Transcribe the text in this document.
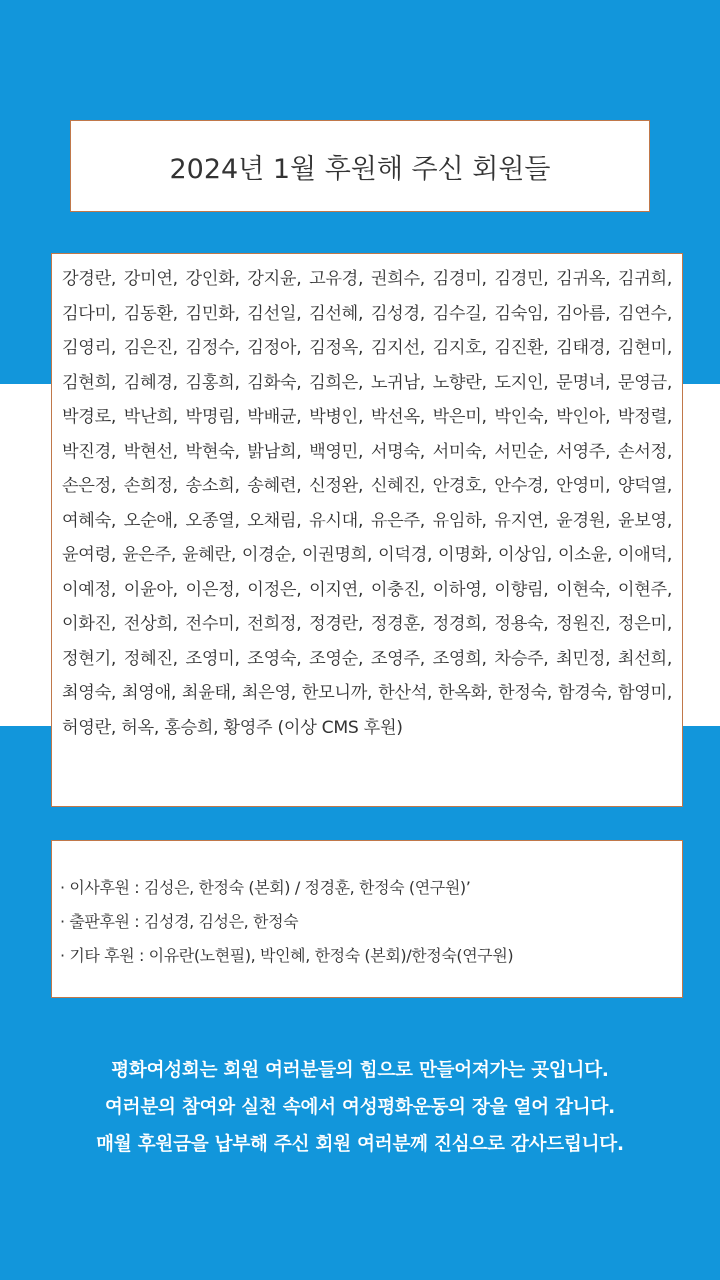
2024년 1월 후원해 주신 회원들
강경란, 강미연, 강인화, 강지윤, 고유경, 권희수, 김경미, 김경민, 김귀옥, 김귀희, 김다미, 김동환, 김민화, 김선일, 김선혜, 김성경, 김수길, 김숙임, 김아름, 김연수, 김영리, 김은진, 김정수, 김정아, 김정옥, 김지선, 김지호, 김진환, 김태경, 김현미, 김현희, 김혜경, 김홍희, 김화숙, 김희은, 노귀남, 노향란, 도지인, 문명녀, 문영금, 박경로, 박난희, 박명림, 박배균, 박병인, 박선옥, 박은미, 박인숙, 박인아, 박정렬, 박진경, 박현선, 박현숙, 밝남희, 백영민, 서명숙, 서미숙, 서민순, 서영주, 손서정, 손은정, 손희정, 송소희, 송혜련, 신정완, 신혜진, 안경호, 안수경, 안영미, 양덕열, 여혜숙, 오순애, 오종열, 오채림, 유시대, 유은주, 유임하, 유지연, 윤경원, 윤보영, 윤여령, 윤은주, 윤혜란, 이경순, 이권명희, 이덕경, 이명화, 이상임, 이소윤, 이애덕, 이예정, 이윤아, 이은정, 이정은, 이지연, 이충진, 이하영, 이향림, 이현숙, 이현주, 이화진, 전상희, 전수미, 전희정, 정경란, 정경훈, 정경희, 정용숙, 정원진, 정은미, 정현기, 정혜진, 조영미, 조영숙, 조영순, 조영주, 조영희, 차승주, 최민정, 최선희, 최영숙, 최영애, 최윤태, 최은영, 한모니까, 한산석, 한옥화, 한정숙, 함경숙, 함영미, 허영란, 허옥, 홍승희, 황영주 (이상 CMS 후원)
· 이사후원 : 김성은, 한정숙 (본회) / 정경훈, 한정숙 (연구원)’
· 출판후원 : 김성경, 김성은, 한정숙
· 기타 후원 : 이유란(노현필), 박인혜, 한정숙 (본회)/한정숙(연구원)
평화여성회는 회원 여러분들의 힘으로 만들어져가는 곳입니다.
여러분의 참여와 실천 속에서 여성평화운동의 장을 열어 갑니다.
매월 후원금을 납부해 주신 회원 여러분께 진심으로 감사드립니다.
